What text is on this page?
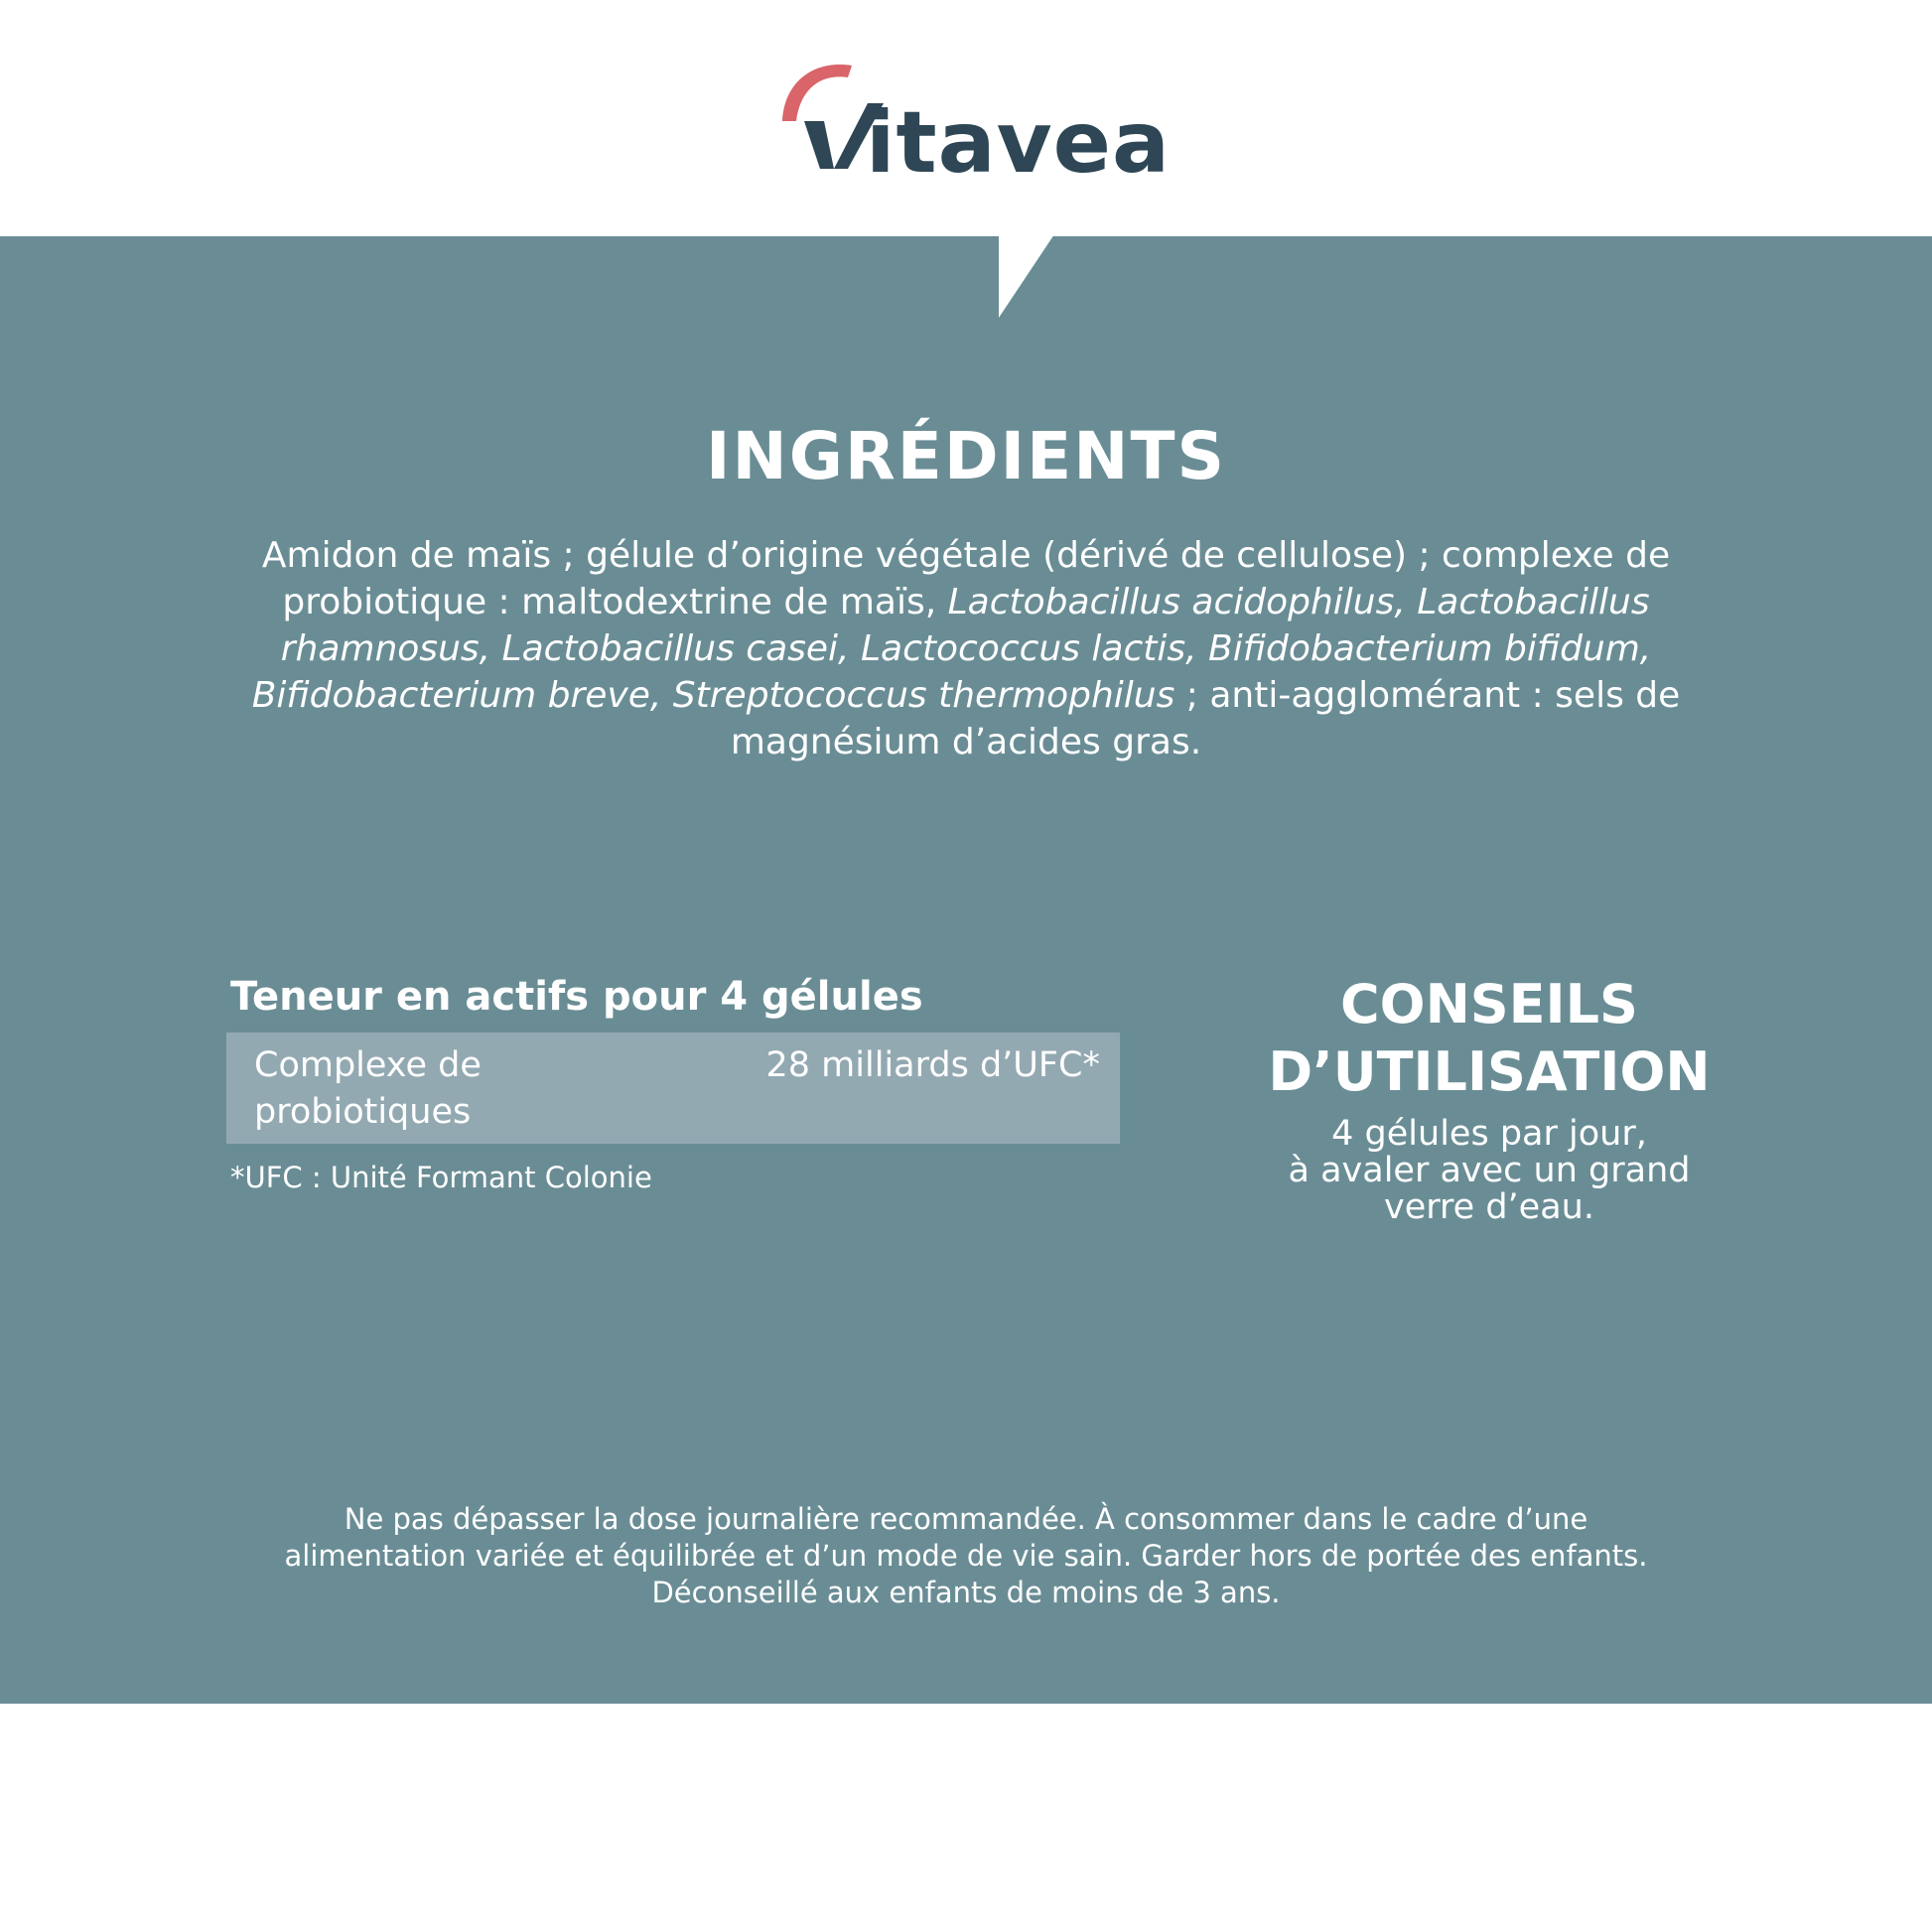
itavea
INGRÉDIENTS

Amidon de maïs ; gélule d’origine végétale (dérivé de cellulose) ; complexe de probiotique : maltodextrine de maïs, Lactobacillus acidophilus, Lactobacillus rhamnosus, Lactobacillus casei, Lactococcus lactis, Bifidobacterium bifidum, Bifidobacterium breve, Streptococcus thermophilus ; anti-agglomérant : sels de magnésium d’acides gras.

Teneur en actifs pour 4 gélules
Complexe de probiotiques
28 milliards d’UFC*
*UFC : Unité Formant Colonie
CONSEILS
D’UTILISATION

4 gélules par jour,
à avaler avec un grand
verre d’eau.

Ne pas dépasser la dose journalière recommandée. À consommer dans le cadre d’une
alimentation variée et équilibrée et d’un mode de vie sain. Garder hors de portée des enfants.
Déconseillé aux enfants de moins de 3 ans.
